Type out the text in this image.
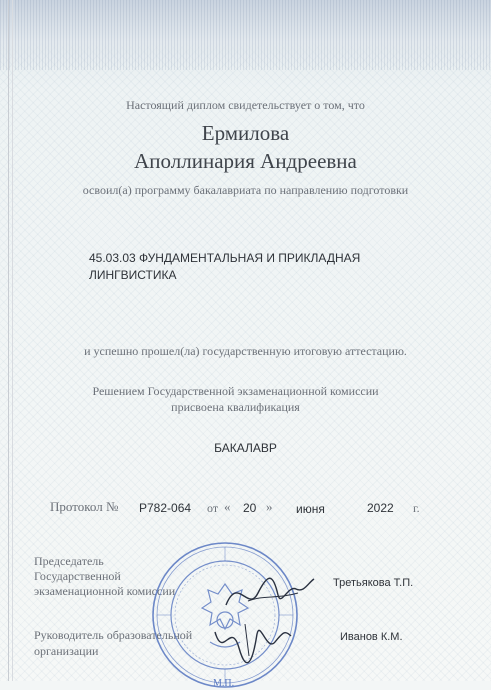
Настоящий диплом свидетельствует о том, что
Ермилова
Аполлинария Андреевна
освоил(а) программу бакалавриата по направлению подготовки
45.03.03 ФУНДАМЕНТАЛЬНАЯ И ПРИКЛАДНАЯ
ЛИНГВИСТИКА
и успешно прошел(ла) государственную итоговую аттестацию.
Решением Государственной экзаменационной комиссии
присвоена квалификация
БАКАЛАВР
Протокол № Р782-064 от « 20 » июня	2022 г.
Председатель
Государственной
экзаменационной комиссии
Третьякова Т.П.
Руководитель образовательной
организации
Иванов К.М.
М.П.
